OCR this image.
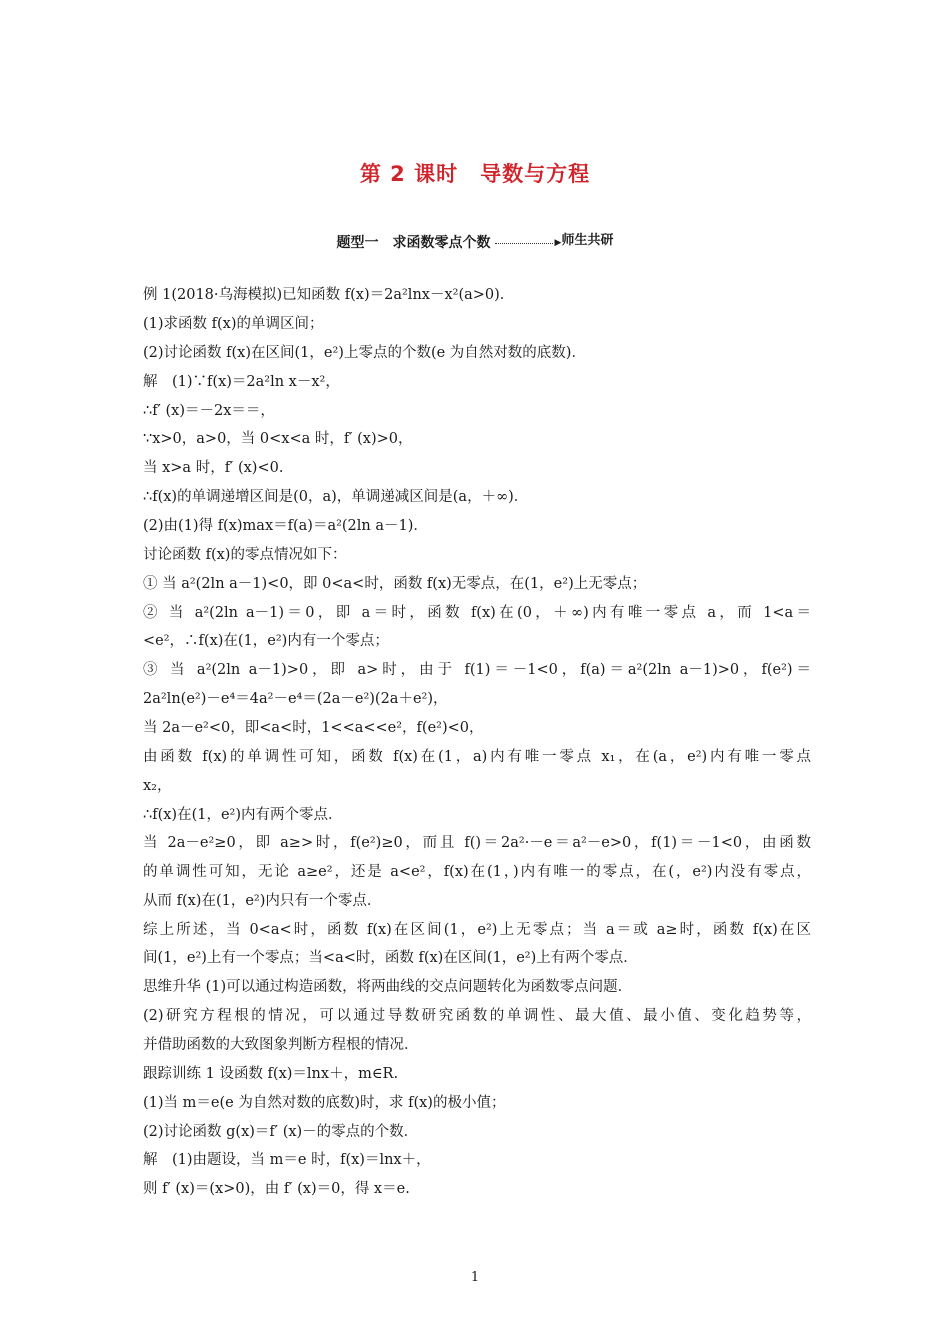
第 2 课时　导数与方程
题型一　求函数零点个数	▶师生共研
例 1(2018·乌海模拟)已知函数 f(x)＝2a²lnx－x²(a>0)．
(1)求函数 f(x)的单调区间；
(2)讨论函数 f(x)在区间(1，e²)上零点的个数(e 为自然对数的底数)．
解　(1)∵f(x)＝2a²ln x－x²，
∴f′ (x)＝－2x＝＝，
∵x>0，a>0，当 0<x<a 时，f′ (x)>0，
当 x>a 时，f′ (x)<0.
∴f(x)的单调递增区间是(0，a)，单调递减区间是(a，＋∞)．
(2)由(1)得 f(x)max＝f(a)＝a²(2ln a－1)．
讨论函数 f(x)的零点情况如下：
① 当 a²(2ln a－1)<0，即 0<a<时，函数 f(x)无零点，在(1，e²)上无零点；
② 当 a²(2ln a－1)＝0，即 a＝时，函数 f(x)在(0，＋∞)内有唯一零点 a，而 1<a＝
<e²，∴f(x)在(1，e²)内有一个零点；
③ 当 a²(2ln a－1)>0，即 a>时，由于 f(1)＝－1<0，f(a)＝a²(2ln a－1)>0，f(e²)＝
2a²ln(e²)－e⁴＝4a²－e⁴＝(2a－e²)(2a＋e²)，
当 2a－e²<0，即<a<时，1<<a<<e²，f(e²)<0，
由函数 f(x)的单调性可知，函数 f(x)在(1，a)内有唯一零点 x₁，在(a，e²)内有唯一零点
x₂，
∴f(x)在(1，e²)内有两个零点．
当 2a－e²≥0，即 a≥>时，f(e²)≥0，而且 f()＝2a²·－e＝a²－e>0，f(1)＝－1<0，由函数
的单调性可知，无论 a≥e²，还是 a<e²，f(x)在(1，)内有唯一的零点，在(，e²)内没有零点，
从而 f(x)在(1，e²)内只有一个零点．
综上所述，当 0<a<时，函数 f(x)在区间(1，e²)上无零点；当 a＝或 a≥时，函数 f(x)在区
间(1，e²)上有一个零点；当<a<时，函数 f(x)在区间(1，e²)上有两个零点．
思维升华 (1)可以通过构造函数，将两曲线的交点问题转化为函数零点问题．
(2)研究方程根的情况，可以通过导数研究函数的单调性、最大值、最小值、变化趋势等，
并借助函数的大致图象判断方程根的情况．
跟踪训练 1 设函数 f(x)＝lnx＋，m∈R.
(1)当 m＝e(e 为自然对数的底数)时，求 f(x)的极小值；
(2)讨论函数 g(x)＝f′ (x)－的零点的个数．
解　(1)由题设，当 m＝e 时，f(x)＝lnx＋，
则 f′ (x)＝(x>0)，由 f′ (x)＝0，得 x＝e.
1
